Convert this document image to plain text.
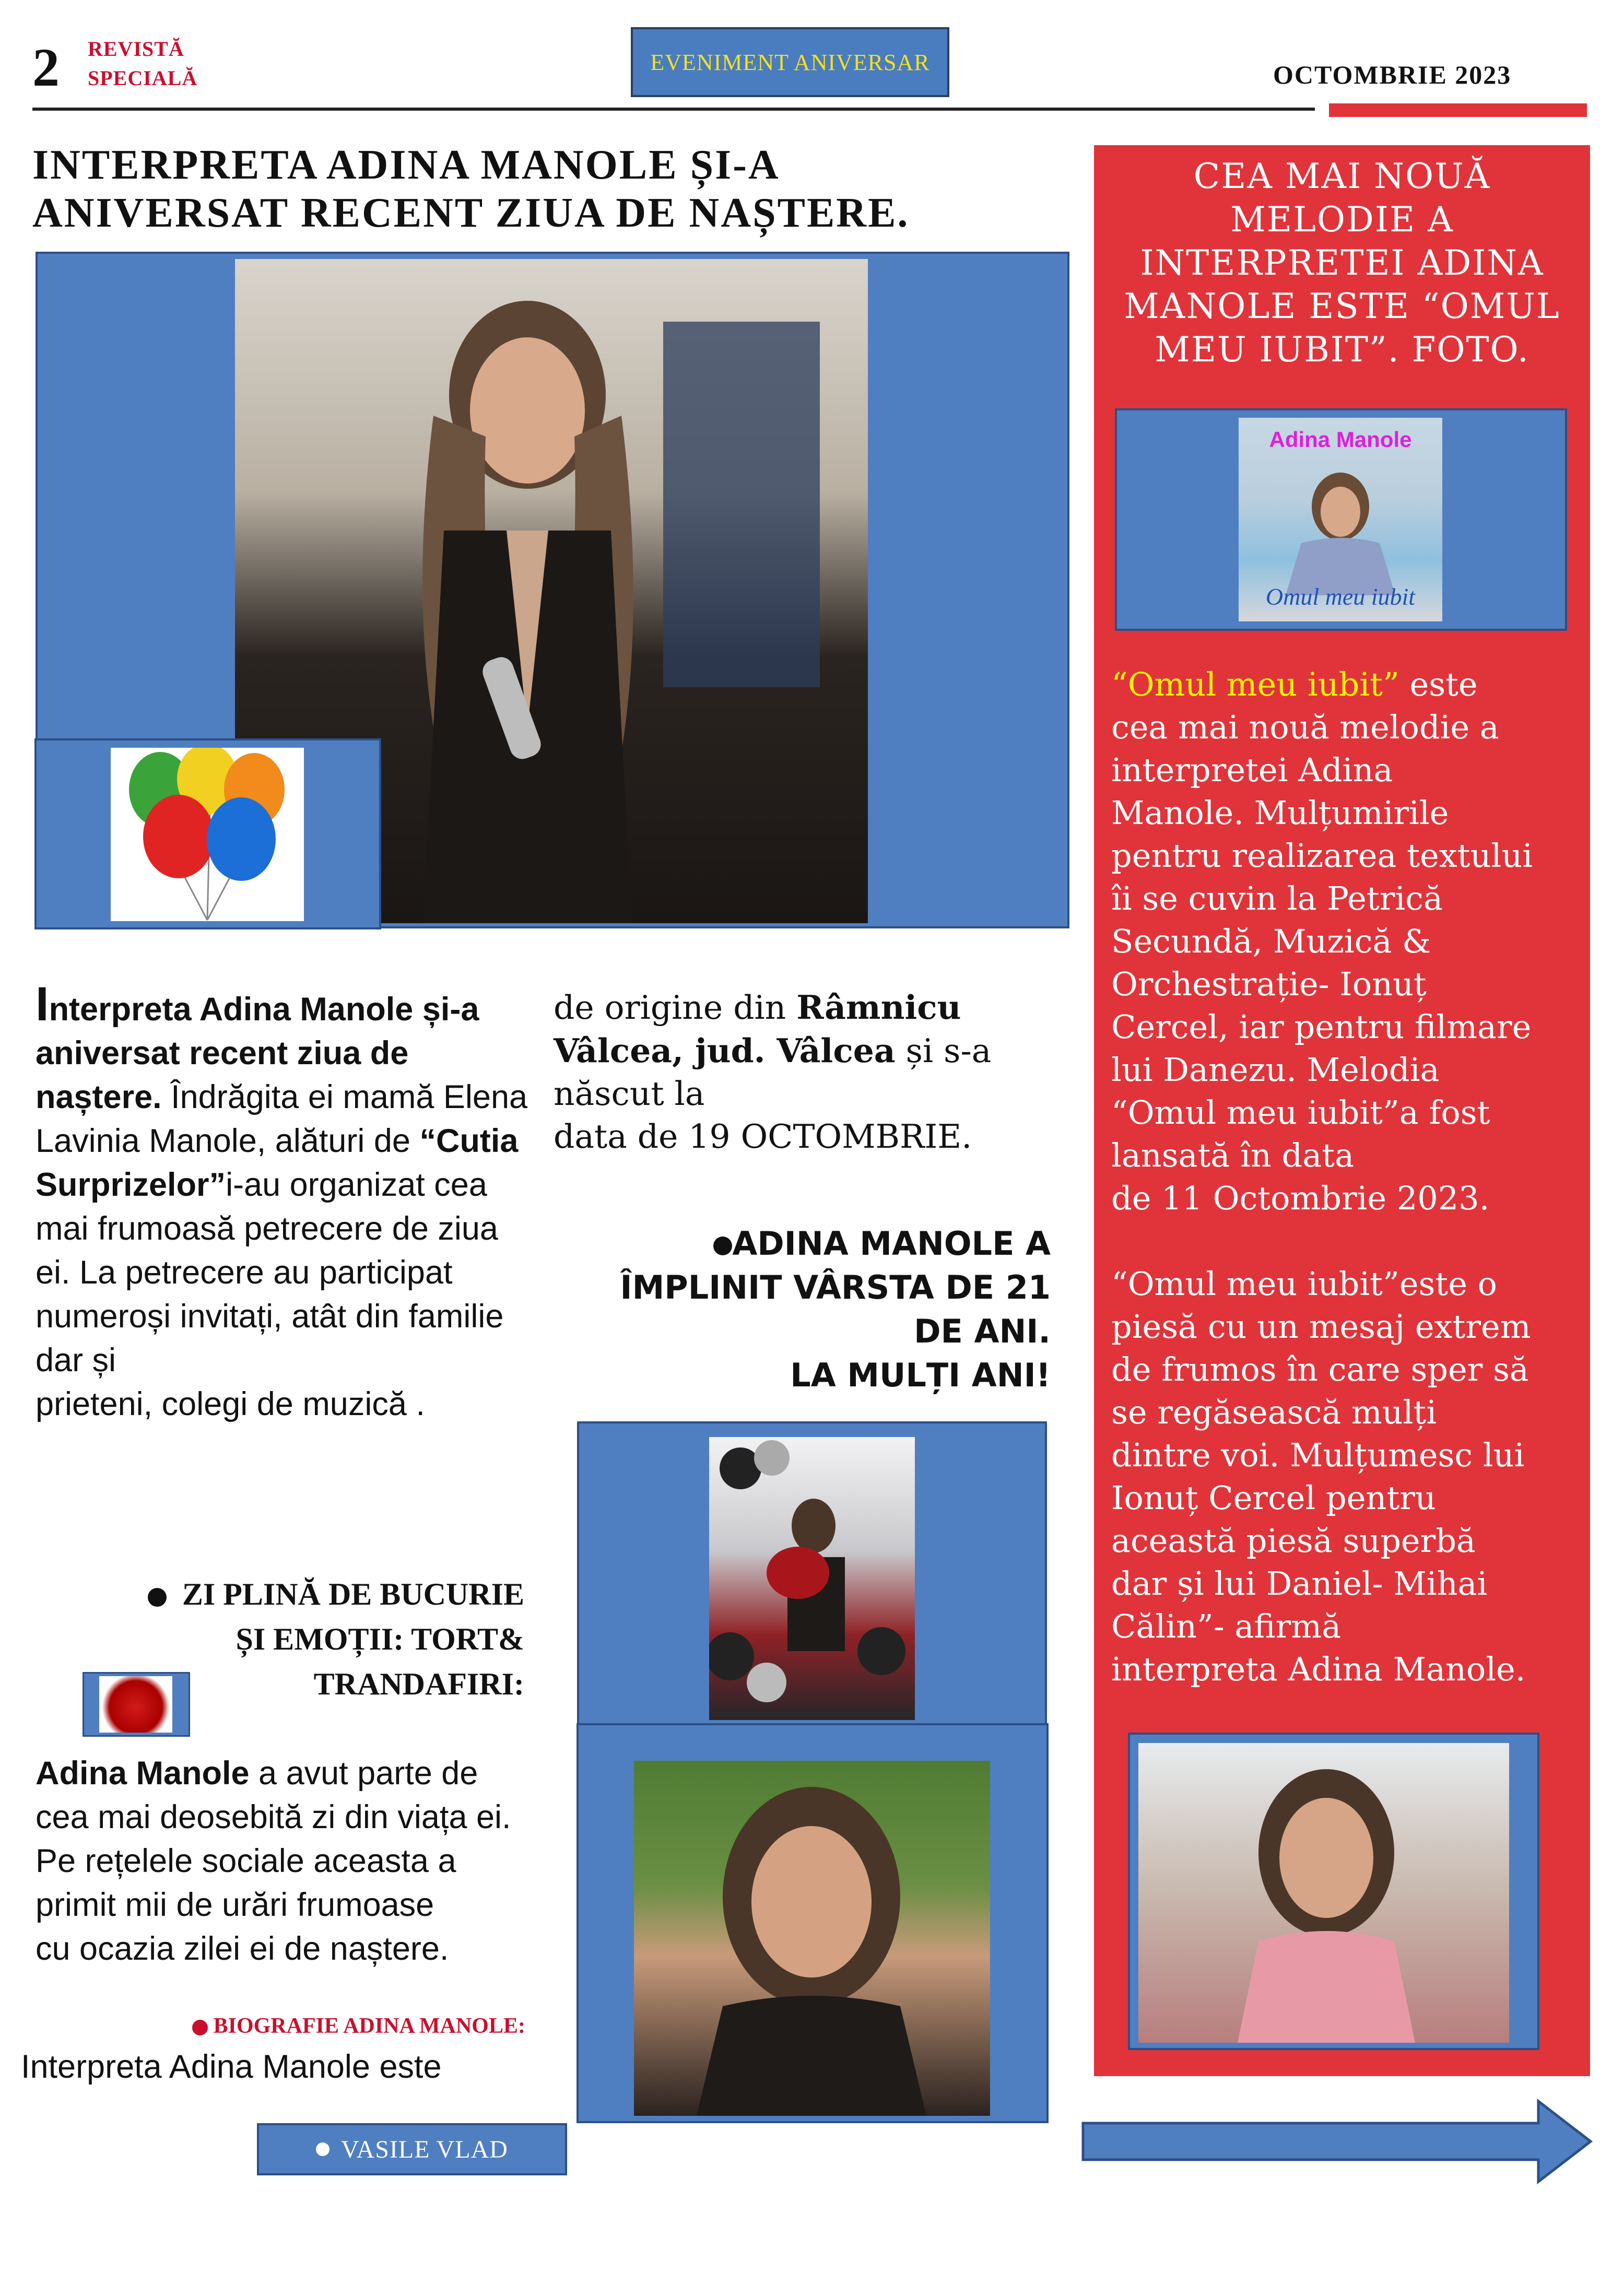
2 REVISTĂ
SPECIALĂ
EVENIMENT ANIVERSAR	OCTOMBRIE 2023
INTERPRETA ADINA MANOLE ȘI-A
ANIVERSAT RECENT ZIUA DE NAȘTERE.
CEA MAI NOUĂ
MELODIE A
INTERPRETEI ADINA
MANOLE ESTE “OMUL
MEU IUBIT”. FOTO.
Adina Manole
Omul meu iubit
“Omul meu iubit” este
cea mai nouă melodie a
interpretei Adina
Manole. Mulțumirile
pentru realizarea textului
îi se cuvin la Petrică
Secundă, Muzică &
Orchestrație- Ionuț
Cercel, iar pentru filmare
lui Danezu. Melodia
“Omul meu iubit”a fost
lansată în data
de 11 Octombrie 2023.
“Omul meu iubit”este o
piesă cu un mesaj extrem
de frumos în care sper să
se regăsească mulți
dintre voi. Mulțumesc lui
Ionuț Cercel pentru
această piesă superbă
dar și lui Daniel- Mihai
Călin”- afirmă
interpreta Adina Manole.
Interpreta Adina Manole și-a aniversat recent ziua de naștere. Îndrăgita ei mamă Elena Lavinia Manole, alături de “Cutia Surprizelor”i-au organizat cea mai frumoasă petrecere de ziua ei. La petrecere au participat numeroși invitați, atât din familie dar și
prieteni, colegi de muzică .
de origine din Râmnicu Vâlcea, jud. Vâlcea și s-a născut la
data de 19 OCTOMBRIE.
ADINA MANOLE A
ÎMPLINIT VÂRSTA DE 21
DE ANI.
LA MULȚI ANI!
ZI PLINĂ DE BUCURIE
ȘI EMOȚII: TORT&
TRANDAFIRI:
Adina Manole a avut parte de cea mai deosebită zi din viața ei. Pe rețelele sociale aceasta a primit mii de urări frumoase
cu ocazia zilei ei de naștere.
BIOGRAFIE ADINA MANOLE:
Interpreta Adina Manole este
VASILE VLAD
